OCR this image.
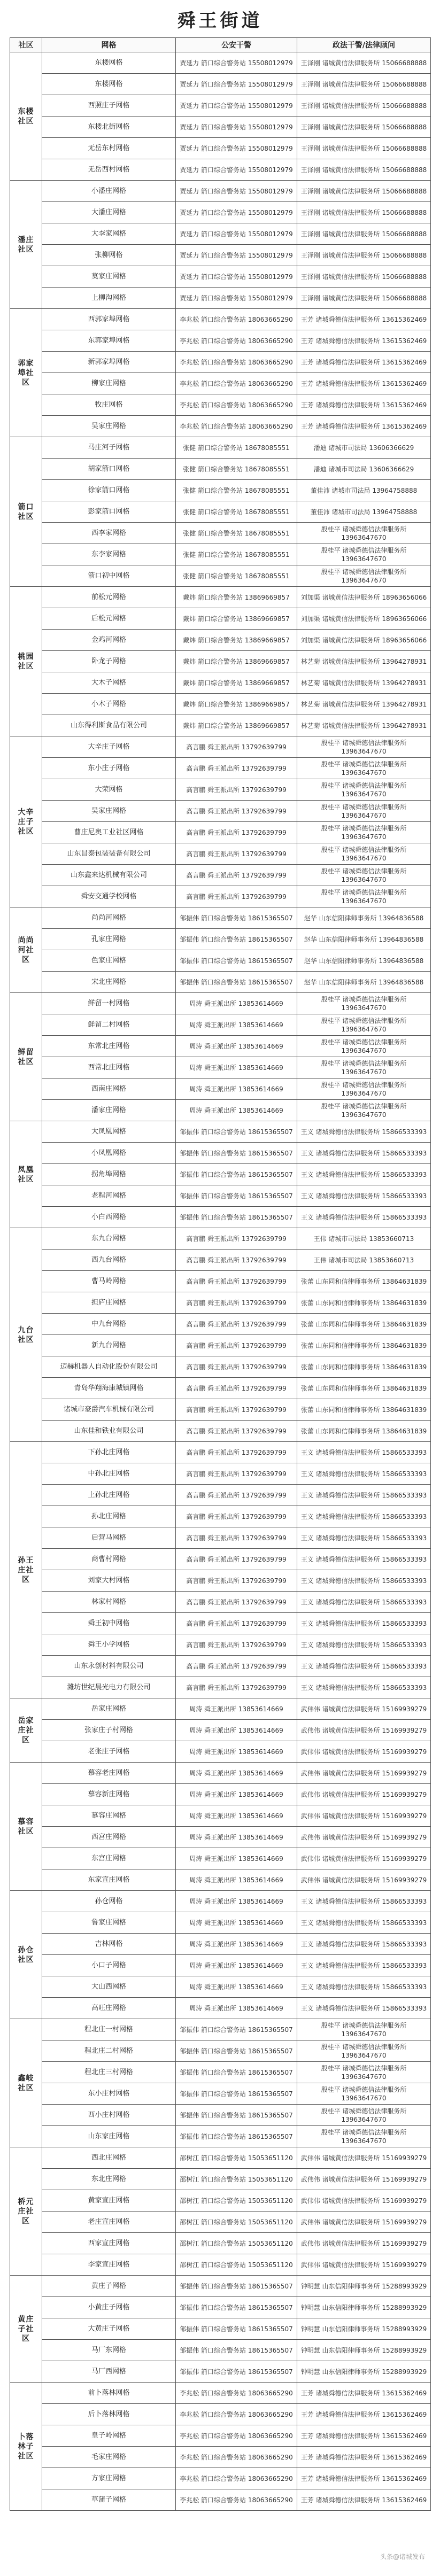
舜王街道
社区	网格	公安干警	政法干警/法律顾问
东楼
社区	东楼网格	贾延力 箭口综合警务站 15508012979	王泽刚 诸城黄信法律服务所 15066688888
	东楼网格	贾延力 箭口综合警务站 15508012979	王泽刚 诸城黄信法律服务所 15066688888
	西照庄子网格	贾延力 箭口综合警务站 15508012979	王泽刚 诸城黄信法律服务所 15066688888
	东楼北街网格	贾延力 箭口综合警务站 15508012979	王泽刚 诸城黄信法律服务所 15066688888
	无岳东村网格	贾延力 箭口综合警务站 15508012979	王泽刚 诸城黄信法律服务所 15066688888
	无岳西村网格	贾延力 箭口综合警务站 15508012979	王泽刚 诸城黄信法律服务所 15066688888
潘庄
社区	小潘庄网格	贾延力 箭口综合警务站 15508012979	王泽刚 诸城黄信法律服务所 15066688888
	大潘庄网格	贾延力 箭口综合警务站 15508012979	王泽刚 诸城黄信法律服务所 15066688888
	大李家网格	贾延力 箭口综合警务站 15508012979	王泽刚 诸城黄信法律服务所 15066688888
	张柳网格	贾延力 箭口综合警务站 15508012979	王泽刚 诸城黄信法律服务所 15066688888
	莫家庄网格	贾延力 箭口综合警务站 15508012979	王泽刚 诸城黄信法律服务所 15066688888
	上柳沟网格	贾延力 箭口综合警务站 15508012979	王泽刚 诸城黄信法律服务所 15066688888
郭家
埠社
区	西郭家埠网格	李兆松 箭口综合警务站 18063665290	王芳 诸城舜德信法律服务所 13615362469
	东郭家埠网格	李兆松 箭口综合警务站 18063665290	王芳 诸城舜德信法律服务所 13615362469
	新郭家埠网格	李兆松 箭口综合警务站 18063665290	王芳 诸城舜德信法律服务所 13615362469
	柳家庄网格	李兆松 箭口综合警务站 18063665290	王芳 诸城舜德信法律服务所 13615362469
	牧庄网格	李兆松 箭口综合警务站 18063665290	王芳 诸城舜德信法律服务所 13615362469
	吴家庄网格	李兆松 箭口综合警务站 18063665290	王芳 诸城舜德信法律服务所 13615362469
箭口
社区	马庄河子网格	张健 箭口综合警务站 18678085551	潘迪 诸城市司法局 13606366629
	胡家箭口网格	张健 箭口综合警务站 18678085551	潘迪 诸城市司法局 13606366629
	徐家箭口网格	张健 箭口综合警务站 18678085551	董佳沛 诸城市司法局 13964758888
	彭家箭口网格	张健 箭口综合警务站 18678085551	董佳沛 诸城市司法局 13964758888
	西李家网格	张健 箭口综合警务站 18678085551	殷桂平 诸城舜德信法律服务所 13963647670
	东李家网格	张健 箭口综合警务站 18678085551	殷桂平 诸城舜德信法律服务所 13963647670
	箭口初中网格	张健 箭口综合警务站 18678085551	殷桂平 诸城舜德信法律服务所 13963647670
桃园
社区	前松元网格	戴炜 箭口综合警务站 13869669857	刘加渠 诸城黄信法律服务所 18963656066
	后松元网格	戴炜 箭口综合警务站 13869669857	刘加渠 诸城黄信法律服务所 18963656066
	金鸡河网格	戴炜 箭口综合警务站 13869669857	刘加渠 诸城黄信法律服务所 18963656066
	卧龙子网格	戴炜 箭口综合警务站 13869669857	林艺菊 诸城黄信法律服务所 13964278931
	大木子网格	戴炜 箭口综合警务站 13869669857	林艺菊 诸城黄信法律服务所 13964278931
	小木子网格	戴炜 箭口综合警务站 13869669857	林艺菊 诸城黄信法律服务所 13964278931
	山东得利斯食品有限公司	戴炜 箭口综合警务站 13869669857	林艺菊 诸城黄信法律服务所 13964278931
大辛
庄子
社区	大辛庄子网格	高言鹏 舜王派出所 13792639799	殷桂平 诸城舜德信法律服务所 13963647670
	东小庄子网格	高言鹏 舜王派出所 13792639799	殷桂平 诸城舜德信法律服务所 13963647670
	大荣网格	高言鹏 舜王派出所 13792639799	殷桂平 诸城舜德信法律服务所 13963647670
	吴家庄网格	高言鹏 舜王派出所 13792639799	殷桂平 诸城舜德信法律服务所 13963647670
	曹庄尼奥工业社区网格	高言鹏 舜王派出所 13792639799	殷桂平 诸城舜德信法律服务所 13963647670
	山东昌泰包装装备有限公司	高言鹏 舜王派出所 13792639799	殷桂平 诸城舜德信法律服务所 13963647670
	山东鑫来达机械有限公司	高言鹏 舜王派出所 13792639799	殷桂平 诸城舜德信法律服务所 13963647670
	舜安交通学校网格	高言鹏 舜王派出所 13792639799	殷桂平 诸城舜德信法律服务所 13963647670
尚尚
河社
区	尚尚河网格	邹振伟 箭口综合警务站 18615365507	赵华 山东信阳律师事务所 13964836588
	孔家庄网格	邹振伟 箭口综合警务站 18615365507	赵华 山东信阳律师事务所 13964836588
	色家庄网格	邹振伟 箭口综合警务站 18615365507	赵华 山东信阳律师事务所 13964836588
	宋北庄网格	邹振伟 箭口综合警务站 18615365507	赵华 山东信阳律师事务所 13964836588
鲜留
社区	鲜留一村网格	周涛 舜王派出所 13853614669	殷桂平 诸城舜德信法律服务所 13963647670
	鲜留二村网格	周涛 舜王派出所 13853614669	殷桂平 诸城舜德信法律服务所 13963647670
	东常北庄网格	周涛 舜王派出所 13853614669	殷桂平 诸城舜德信法律服务所 13963647670
	西常北庄网格	周涛 舜王派出所 13853614669	殷桂平 诸城舜德信法律服务所 13963647670
	西南庄网格	周涛 舜王派出所 13853614669	殷桂平 诸城舜德信法律服务所 13963647670
	潘家庄网格	周涛 舜王派出所 13853614669	殷桂平 诸城舜德信法律服务所 13963647670
凤凰
社区	大凤凰网格	邹振伟 箭口综合警务站 18615365507	王义 诸城舜德信法律服务所 15866533393
	小凤凰网格	邹振伟 箭口综合警务站 18615365507	王义 诸城舜德信法律服务所 15866533393
	拐角埠网格	邹振伟 箭口综合警务站 18615365507	王义 诸城舜德信法律服务所 15866533393
	老程河网格	邹振伟 箭口综合警务站 18615365507	王义 诸城舜德信法律服务所 15866533393
	小白西网格	邹振伟 箭口综合警务站 18615365507	王义 诸城舜德信法律服务所 15866533393
九台
社区	东九台网格	高言鹏 舜王派出所 13792639799	王伟 诸城市司法局 13853660713
	西九台网格	高言鹏 舜王派出所 13792639799	王伟 诸城市司法局 13853660713
	曹马岭网格	高言鹏 舜王派出所 13792639799	张蕾 山东同和信律师事务所 13864631839
	担庐庄网格	高言鹏 舜王派出所 13792639799	张蕾 山东同和信律师事务所 13864631839
	中九台网格	高言鹏 舜王派出所 13792639799	张蕾 山东同和信律师事务所 13864631839
	新九台网格	高言鹏 舜王派出所 13792639799	张蕾 山东同和信律师事务所 13864631839
	迈赫机器人自动化股份有限公司	高言鹏 舜王派出所 13792639799	张蕾 山东同和信律师事务所 13864631839
	青岛华翔海康城镇网格	高言鹏 舜王派出所 13792639799	张蕾 山东同和信律师事务所 13864631839
	诸城市豪爵汽车机械有限公司	高言鹏 舜王派出所 13792639799	张蕾 山东同和信律师事务所 13864631839
	山东佳和铁业有限公司	高言鹏 舜王派出所 13792639799	张蕾 山东同和信律师事务所 13864631839
孙王
庄社
区	下孙北庄网格	高言鹏 舜王派出所 13792639799	王义 诸城舜德信法律服务所 15866533393
	中孙北庄网格	高言鹏 舜王派出所 13792639799	王义 诸城舜德信法律服务所 15866533393
	上孙北庄网格	高言鹏 舜王派出所 13792639799	王义 诸城舜德信法律服务所 15866533393
	孙北庄网格	高言鹏 舜王派出所 13792639799	王义 诸城舜德信法律服务所 15866533393
	后营马网格	高言鹏 舜王派出所 13792639799	王义 诸城舜德信法律服务所 15866533393
	商曹村网格	高言鹏 舜王派出所 13792639799	王义 诸城舜德信法律服务所 15866533393
	刘家大村网格	高言鹏 舜王派出所 13792639799	王义 诸城舜德信法律服务所 15866533393
	林家村网格	高言鹏 舜王派出所 13792639799	王义 诸城舜德信法律服务所 15866533393
	舜王初中网格	高言鹏 舜王派出所 13792639799	王义 诸城舜德信法律服务所 15866533393
	舜王小学网格	高言鹏 舜王派出所 13792639799	王义 诸城舜德信法律服务所 15866533393
	山东永创材料有限公司	高言鹏 舜王派出所 13792639799	王义 诸城舜德信法律服务所 15866533393
	潍坊世纪晨光电力有限公司	高言鹏 舜王派出所 13792639799	王义 诸城舜德信法律服务所 15866533393
岳家
庄社
区	岳家庄网格	周涛 舜王派出所 13853614669	武伟伟 诸城黄信法律服务所 15169939279
	张家庄子村网格	周涛 舜王派出所 13853614669	武伟伟 诸城黄信法律服务所 15169939279
	老张庄子网格	周涛 舜王派出所 13853614669	武伟伟 诸城黄信法律服务所 15169939279
慕容
社区	慕容老庄网格	周涛 舜王派出所 13853614669	武伟伟 诸城黄信法律服务所 15169939279
	慕容新庄网格	周涛 舜王派出所 13853614669	武伟伟 诸城黄信法律服务所 15169939279
	慕容庄网格	周涛 舜王派出所 13853614669	武伟伟 诸城黄信法律服务所 15169939279
	西宫庄网格	周涛 舜王派出所 13853614669	武伟伟 诸城黄信法律服务所 15169939279
	东宫庄网格	周涛 舜王派出所 13853614669	武伟伟 诸城黄信法律服务所 15169939279
	东家宣庄网格	周涛 舜王派出所 13853614669	武伟伟 诸城黄信法律服务所 15169939279
孙仓
社区	孙仓网格	周涛 舜王派出所 13853614669	王义 诸城舜德信法律服务所 15866533393
	鲁家庄网格	周涛 舜王派出所 13853614669	王义 诸城舜德信法律服务所 15866533393
	吉林网格	周涛 舜王派出所 13853614669	王义 诸城舜德信法律服务所 15866533393
	小口子网格	周涛 舜王派出所 13853614669	王义 诸城舜德信法律服务所 15866533393
	大山西网格	周涛 舜王派出所 13853614669	王义 诸城舜德信法律服务所 15866533393
	高旺庄网格	周涛 舜王派出所 13853614669	王义 诸城舜德信法律服务所 15866533393
鑫岐
社区	程北庄一村网格	邹振伟 箭口综合警务站 18615365507	殷桂平 诸城舜德信法律服务所 13963647670
	程北庄二村网格	邹振伟 箭口综合警务站 18615365507	殷桂平 诸城舜德信法律服务所 13963647670
	程北庄三村网格	邹振伟 箭口综合警务站 18615365507	殷桂平 诸城舜德信法律服务所 13963647670
	东小庄村网格	邹振伟 箭口综合警务站 18615365507	殷桂平 诸城舜德信法律服务所 13963647670
	西小庄村网格	邹振伟 箭口综合警务站 18615365507	殷桂平 诸城舜德信法律服务所 13963647670
	山东家庄网格	邹振伟 箭口综合警务站 18615365507	殷桂平 诸城舜德信法律服务所 13963647670
桥元
庄社
区	西北庄网格	邵树江 箭口综合警务站 15053651120	武伟伟 诸城黄信法律服务所 15169939279
	东北庄网格	邵树江 箭口综合警务站 15053651120	武伟伟 诸城黄信法律服务所 15169939279
	黄家宣庄网格	邵树江 箭口综合警务站 15053651120	武伟伟 诸城黄信法律服务所 15169939279
	老庄宣庄网格	邵树江 箭口综合警务站 15053651120	武伟伟 诸城黄信法律服务所 15169939279
	西家宣庄网格	邵树江 箭口综合警务站 15053651120	武伟伟 诸城黄信法律服务所 15169939279
	李家宣庄网格	邵树江 箭口综合警务站 15053651120	武伟伟 诸城黄信法律服务所 15169939279
黄庄
子社
区	黄庄子网格	邹振伟 箭口综合警务站 18615365507	钟明慧 山东信阳律师事务所 15288993929
	小黄庄子网格	邹振伟 箭口综合警务站 18615365507	钟明慧 山东信阳律师事务所 15288993929
	大黄庄子网格	邹振伟 箭口综合警务站 18615365507	钟明慧 山东信阳律师事务所 15288993929
	马厂东网格	邹振伟 箭口综合警务站 18615365507	钟明慧 山东信阳律师事务所 15288993929
	马厂西网格	邹振伟 箭口综合警务站 18615365507	钟明慧 山东信阳律师事务所 15288993929
卜落
林子
社区	前卜落林网格	李兆松 箭口综合警务站 18063665290	王芳 诸城舜德信法律服务所 13615362469
	后卜落林网格	李兆松 箭口综合警务站 18063665290	王芳 诸城舜德信法律服务所 13615362469
	皇子岭网格	李兆松 箭口综合警务站 18063665290	王芳 诸城舜德信法律服务所 13615362469
	毛家庄网格	李兆松 箭口综合警务站 18063665290	王芳 诸城舜德信法律服务所 13615362469
	方家庄网格	李兆松 箭口综合警务站 18063665290	王芳 诸城舜德信法律服务所 13615362469
	草蒲子网格	李兆松 箭口综合警务站 18063665290	王芳 诸城舜德信法律服务所 13615362469
头条@诸城发布
